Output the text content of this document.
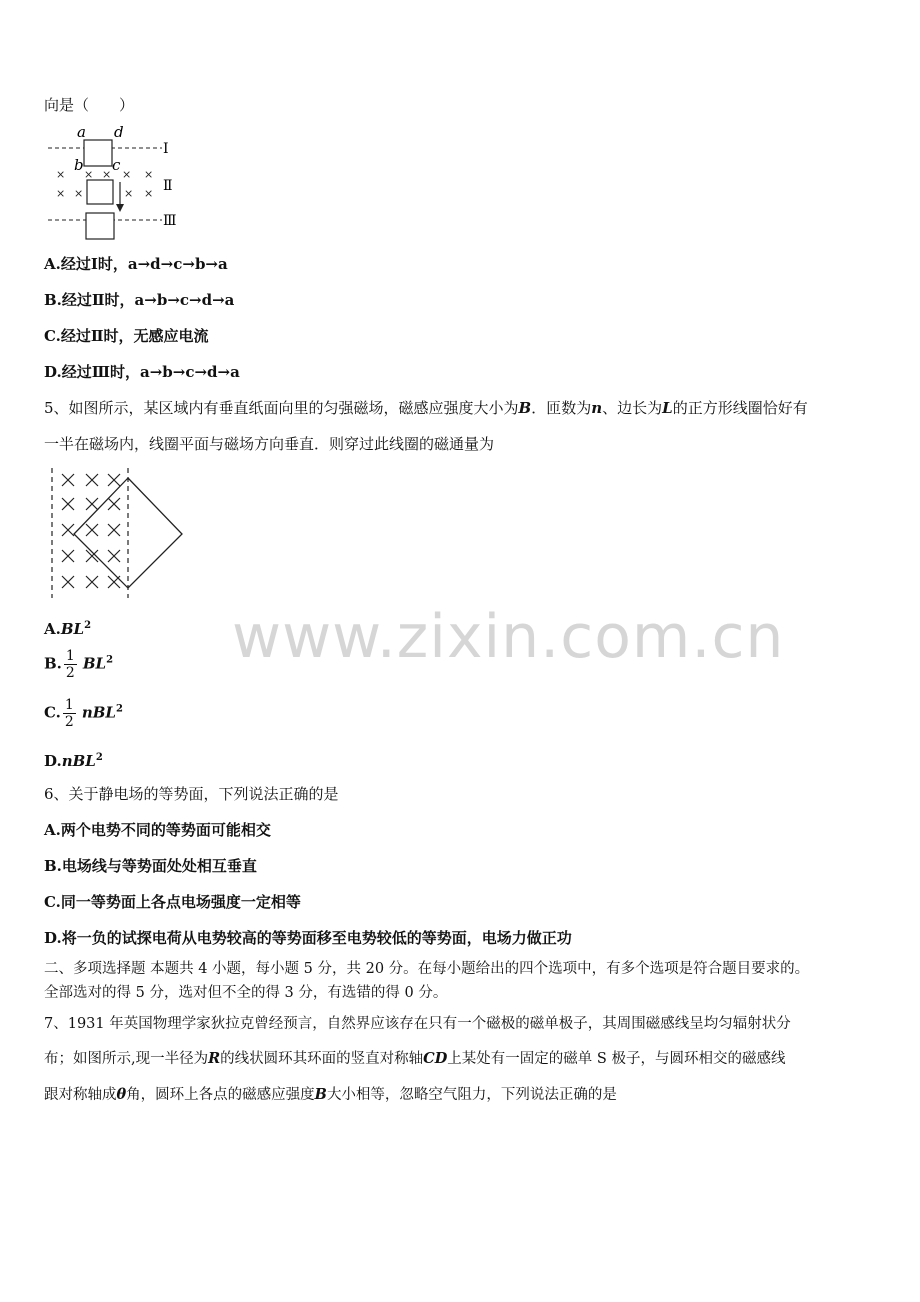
向是（　　）
× × × × ×
× ×	× ×
a d
b c
Ⅰ
Ⅱ
Ⅲ
A.经过Ⅰ时，a→d→c→b→a
B.经过Ⅱ时，a→b→c→d→a
C.经过Ⅱ时，无感应电流
D.经过Ⅲ时，a→b→c→d→a
5、如图所示，某区域内有垂直纸面向里的匀强磁场，磁感应强度大小为B．匝数为n、边长为L的正方形线圈恰好有
一半在磁场内，线圈平面与磁场方向垂直．则穿过此线圈的磁通量为
$A.BL^2$
B. $\frac{1}{2} BL^2$
C. $\frac{1}{2} nBL^2$
D.nBL$^2$
6、关于静电场的等势面，下列说法正确的是
A.两个电势不同的等势面可能相交
B.电场线与等势面处处相互垂直
C.同一等势面上各点电场强度一定相等
D.将一负的试探电荷从电势较高的等势面移至电势较低的等势面，电场力做正功
二、多项选择题 本题共 4 小题，每小题 5 分，共 20 分。在每小题给出的四个选项中，有多个选项是符合题目要求的。
全部选对的得 5 分，选对但不全的得 3 分，有选错的得 0 分。
7、1931 年英国物理学家狄拉克曾经预言，自然界应该存在只有一个磁极的磁单极子，其周围磁感线呈均匀辐射状分
布；如图所示,现一半径为R的线状圆环其环面的竖直对称轴CD上某处有一固定的磁单 S 极子，与圆环相交的磁感线
跟对称轴成θ角，圆环上各点的磁感应强度B大小相等，忽略空气阻力，下列说法正确的是
www.zixin.com.cn
